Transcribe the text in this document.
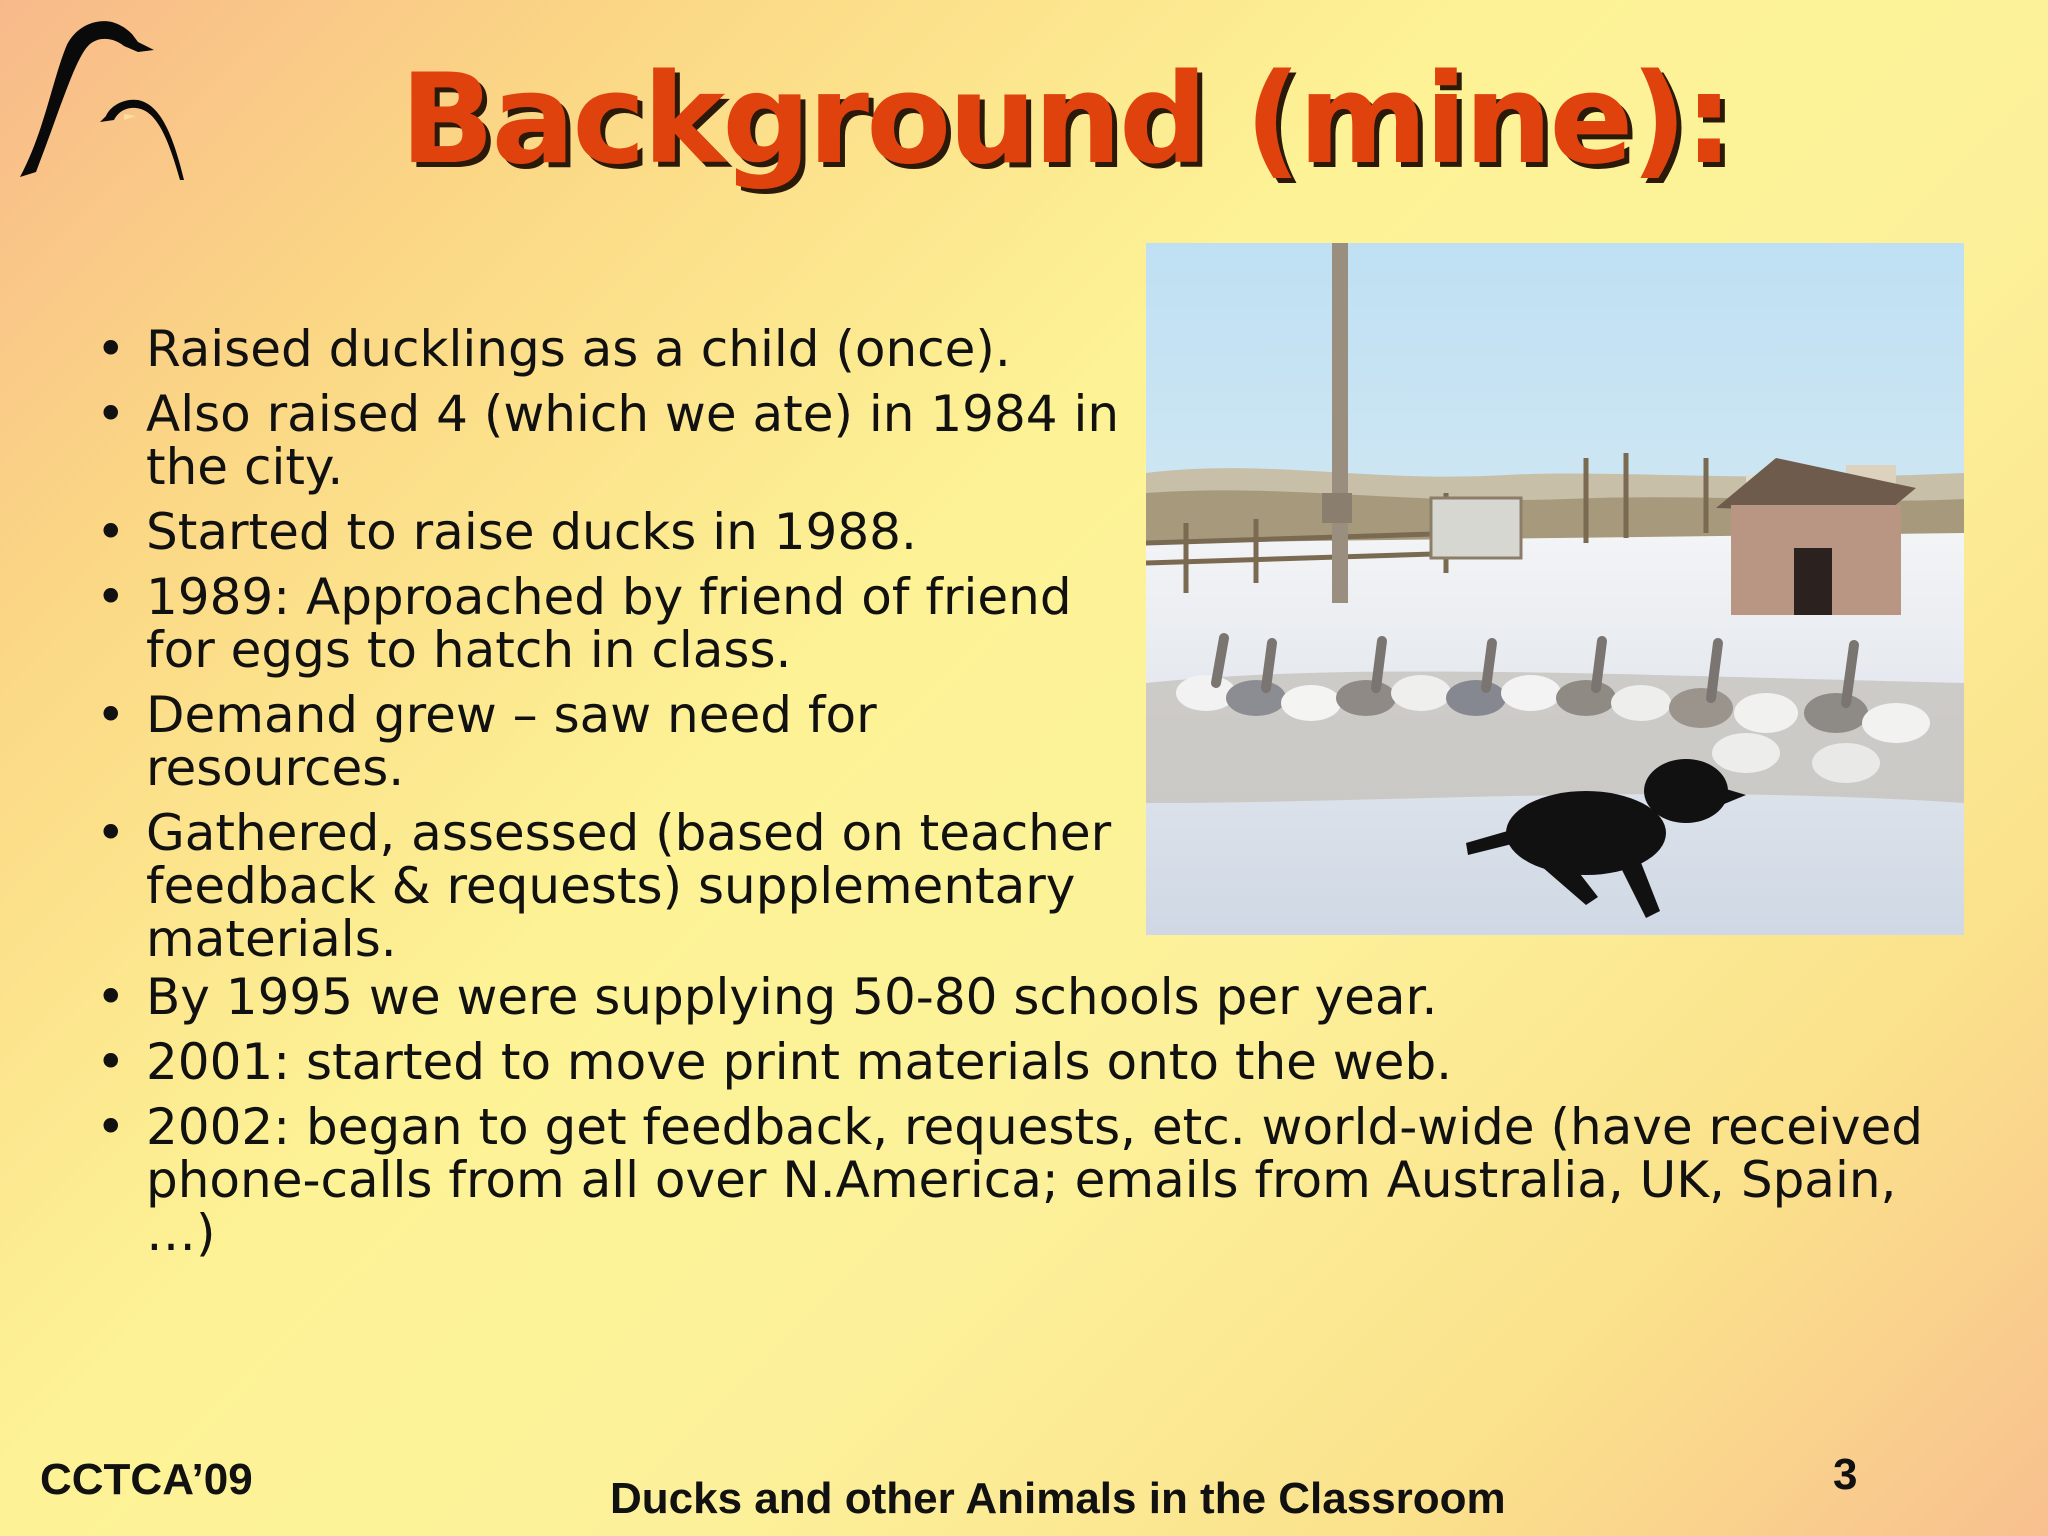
Background (mine):
• Raised ducklings as a child (once).
• Also raised 4 (which we ate) in 1984 in the city.
• Started to raise ducks in 1988.
• 1989: Approached by friend of friend for eggs to hatch in class.
• Demand grew – saw need for resources.
• Gathered, assessed (based on teacher feedback & requests) supplementary materials.
• By 1995 we were supplying 50-80 schools per year.
• 2001: started to move print materials onto the web.
• 2002: began to get feedback, requests, etc. world-wide (have received phone-calls from all over N.America; emails from Australia, UK, Spain, …)
CCTCA’09	Ducks and other Animals in the Classroom	3
